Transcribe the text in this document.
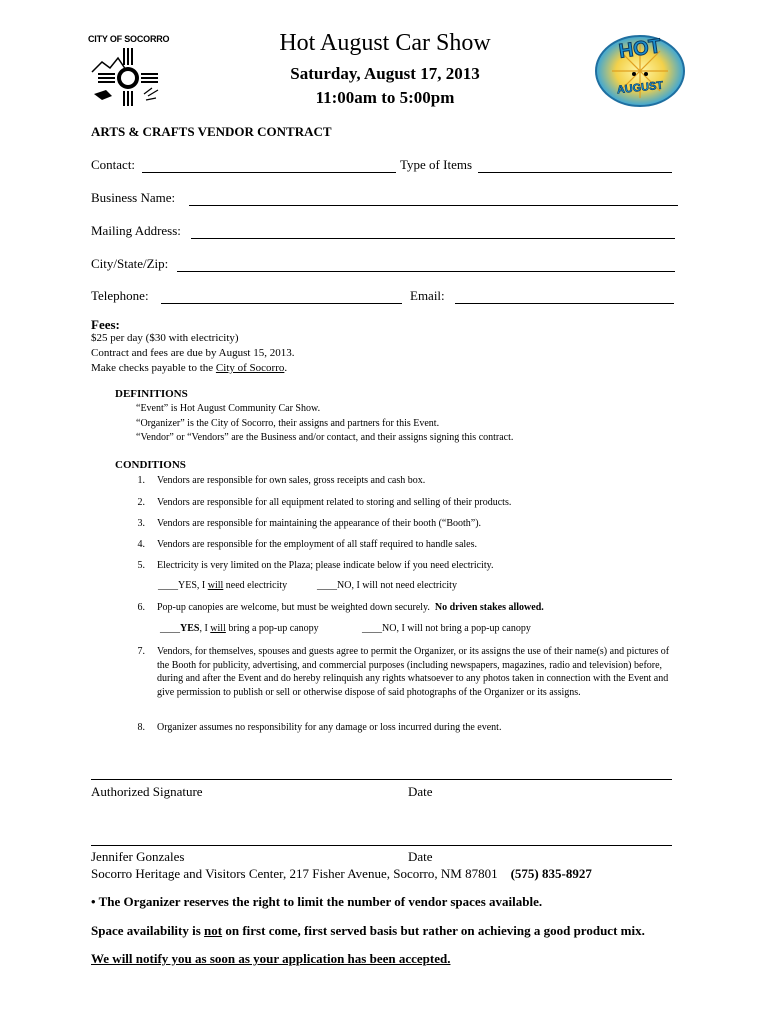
CITY OF SOCORRO	Hot August Car Show
Saturday, August 17, 2013
11:00am to 5:00pm
HOT
AUGUST
ARTS & CRAFTS VENDOR CONTRACT
Contact:	Type of Items
Business Name:
Mailing Address:
City/State/Zip:
Telephone:	Email:
Fees:
$25 per day ($30 with electricity)
Contract and fees are due by August 15, 2013.
Make checks payable to the City of Socorro.
DEFINITIONS
“Event” is Hot August Community Car Show.
“Organizer” is the City of Socorro, their assigns and partners for this Event.
“Vendor” or “Vendors” are the Business and/or contact, and their assigns signing this contract.
CONDITIONS
1. Vendors are responsible for own sales, gross receipts and cash box.
2. Vendors are responsible for all equipment related to storing and selling of their products.
3. Vendors are responsible for maintaining the appearance of their booth (“Booth”).
4. Vendors are responsible for the employment of all staff required to handle sales.
5. Electricity is very limited on the Plaza; please indicate below if you need electricity.
____YES, I will need electricity	____NO, I will not need electricity
6. Pop-up canopies are welcome, but must be weighted down securely. No driven stakes allowed.
____YES, I will bring a pop-up canopy	____NO, I will not bring a pop-up canopy
7. Vendors, for themselves, spouses and guests agree to permit the Organizer, or its assigns the use of their name(s) and pictures of the Booth for publicity, advertising, and commercial purposes (including newspapers, magazines, radio and television) before, during and after the Event and do hereby relinquish any rights whatsoever to any photos taken in connection with the Event and give permission to publish or sell or otherwise dispose of said photographs of the Organizer or its assigns.
8. Organizer assumes no responsibility for any damage or loss incurred during the event.
Authorized Signature	Date
Jennifer Gonzales	Date
Socorro Heritage and Visitors Center, 217 Fisher Avenue, Socorro, NM 87801 (575) 835-8927
• The Organizer reserves the right to limit the number of vendor spaces available.
Space availability is not on first come, first served basis but rather on achieving a good product mix.
We will notify you as soon as your application has been accepted.
